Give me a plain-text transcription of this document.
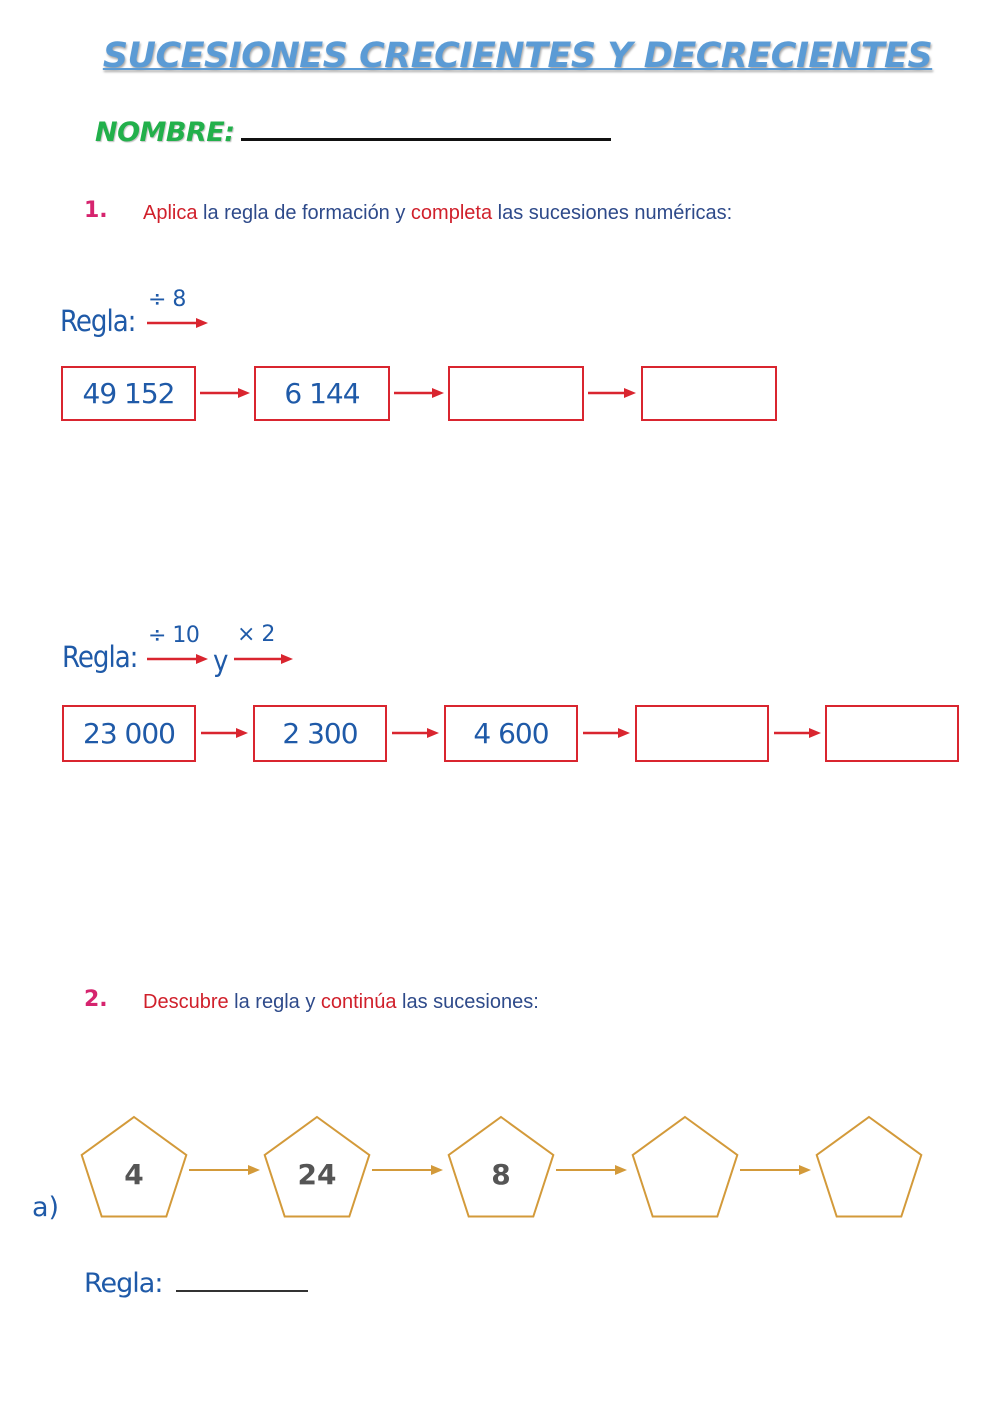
SUCESIONES CRECIENTES Y DECRECIENTES
NOMBRE:
1. Aplica la regla de formación y completa las sucesiones numéricas:
Regla:
÷ 8
49 152	6 144
Regla:
÷ 10
y
× 2
23 000	2 300	4 600
2. Descubre la regla y continúa las sucesiones:
a)
4	24	8
Regla:
